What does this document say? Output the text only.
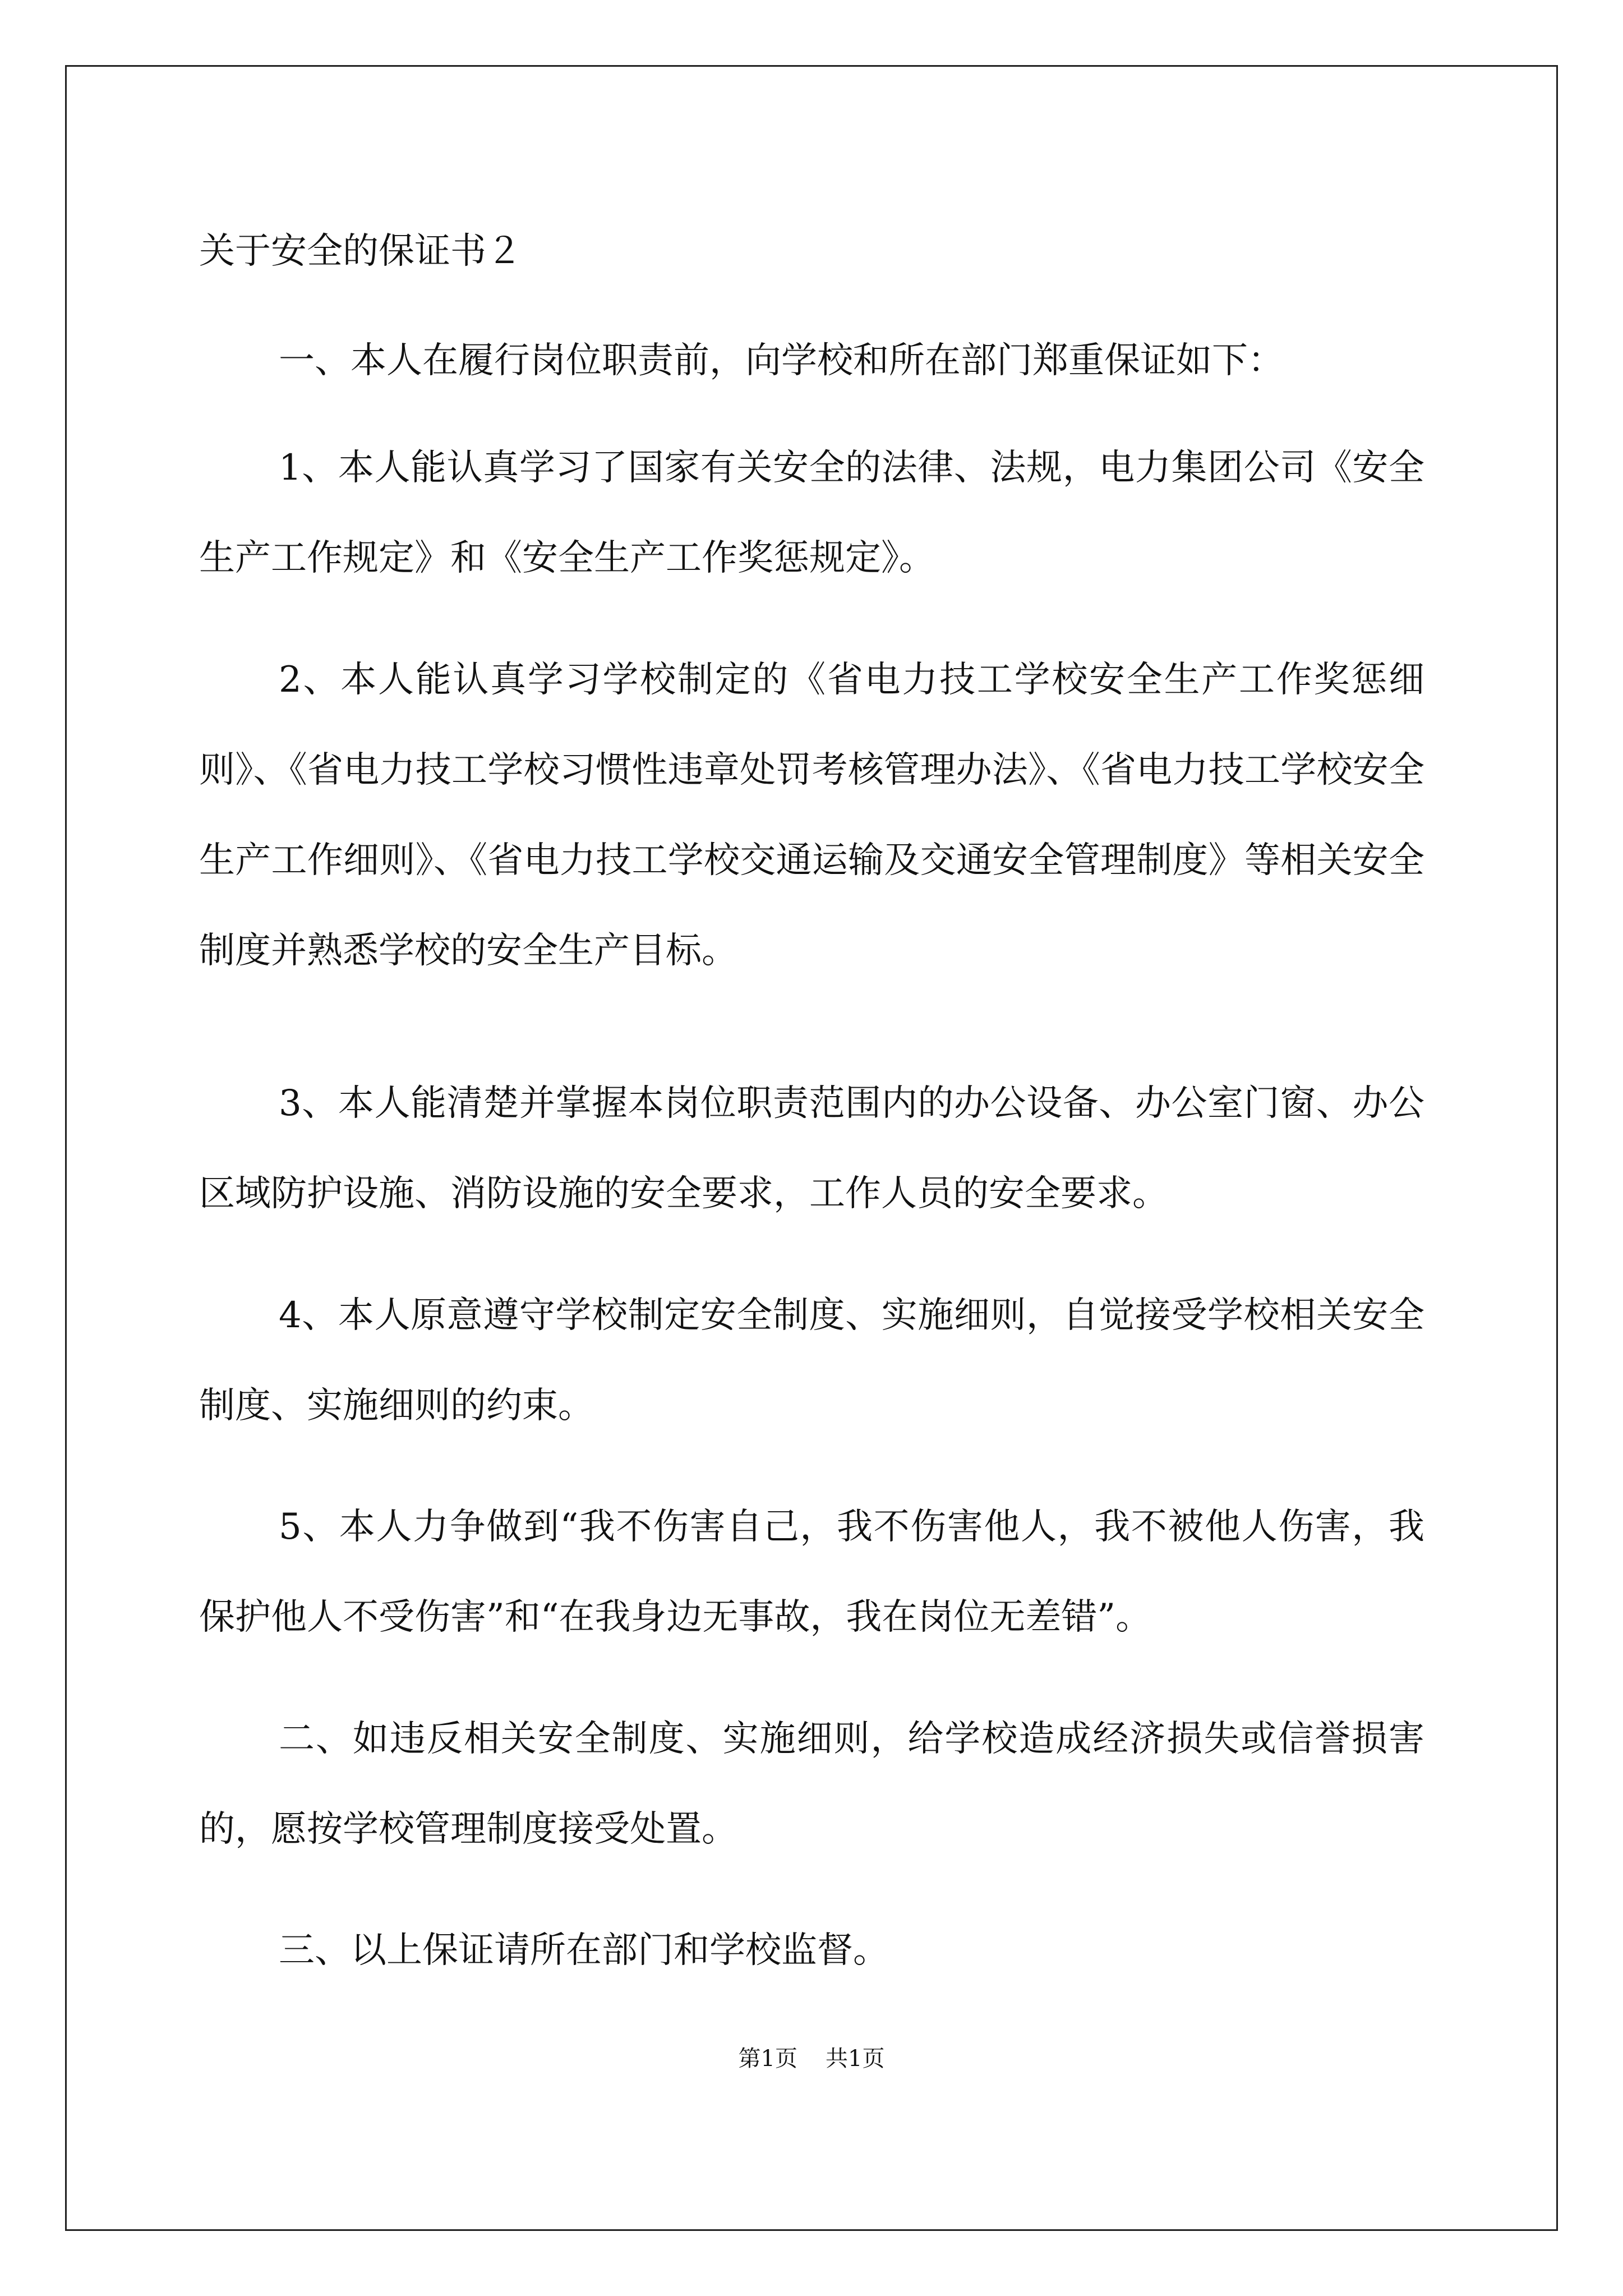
关于安全的保证书２

一、本人在履行岗位职责前，向学校和所在部门郑重保证如下：

1、本人能认真学习了国家有关安全的法律、法规，电力集团公司《安全生产工作规定》和《安全生产工作奖惩规定》。

2、本人能认真学习学校制定的《省电力技工学校安全生产工作奖惩细则》、《省电力技工学校习惯性违章处罚考核管理办法》、《省电力技工学校安全生产工作细则》、《省电力技工学校交通运输及交通安全管理制度》等相关安全制度并熟悉学校的安全生产目标。

3、本人能清楚并掌握本岗位职责范围内的办公设备、办公室门窗、办公区域防护设施、消防设施的安全要求，工作人员的安全要求。

4、本人原意遵守学校制定安全制度、实施细则，自觉接受学校相关安全制度、实施细则的约束。

5、本人力争做到“我不伤害自己，我不伤害他人，我不被他人伤害，我保护他人不受伤害”和“在我身边无事故，我在岗位无差错”。

二、如违反相关安全制度、实施细则，给学校造成经济损失或信誉损害的，愿按学校管理制度接受处置。

三、以上保证请所在部门和学校监督。

第1页 共1页
